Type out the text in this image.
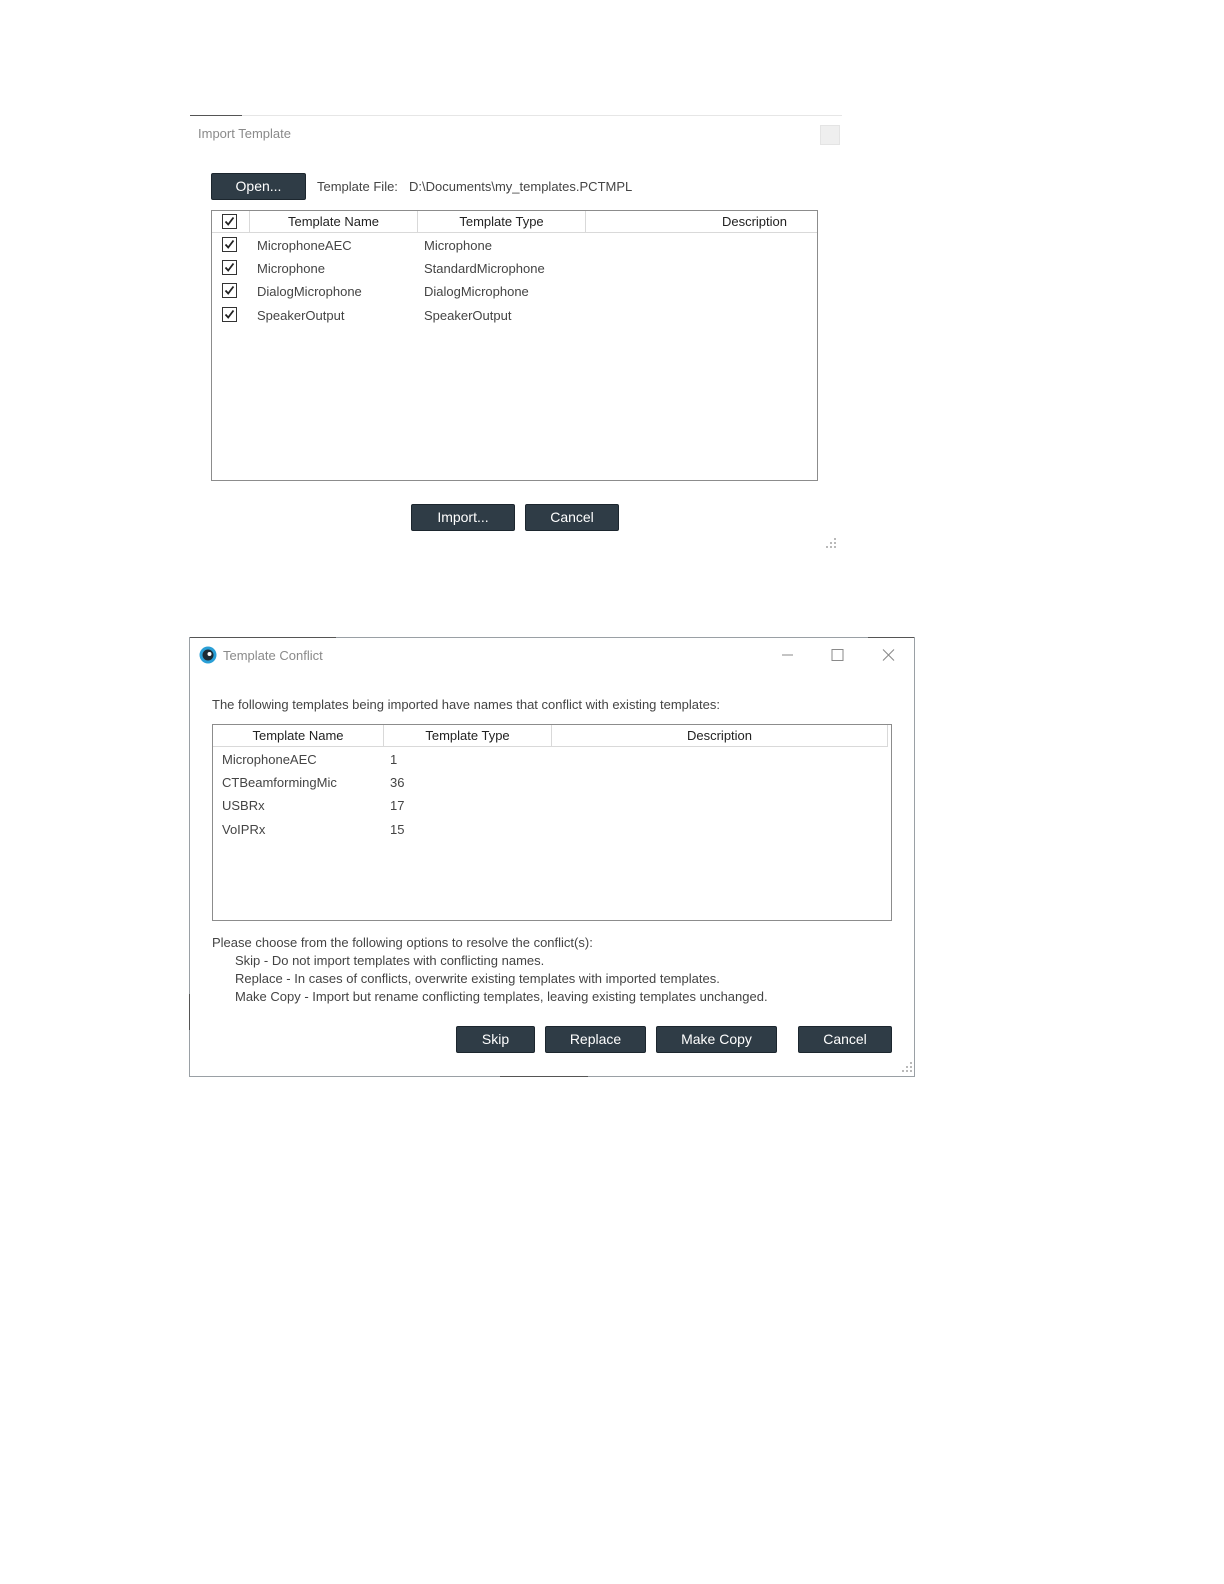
Import Template
Open...	Template File: D:\Documents\my_templates.PCTMPL
Template Name	Template Type	Description
MicrophoneAEC	Microphone
Microphone	StandardMicrophone
DialogMicrophone	DialogMicrophone
SpeakerOutput	SpeakerOutput
Import...	Cancel
Template Conflict
The following templates being imported have names that conflict with existing templates:
Template Name	Template Type	Description
MicrophoneAEC	1
CTBeamformingMic	36
USBRx	17
VoIPRx	15
Please choose from the following options to resolve the conflict(s):
Skip - Do not import templates with conflicting names.
Replace - In cases of conflicts, overwrite existing templates with imported templates.
Make Copy - Import but rename conflicting templates, leaving existing templates unchanged.
Skip	Replace	Make Copy	Cancel
